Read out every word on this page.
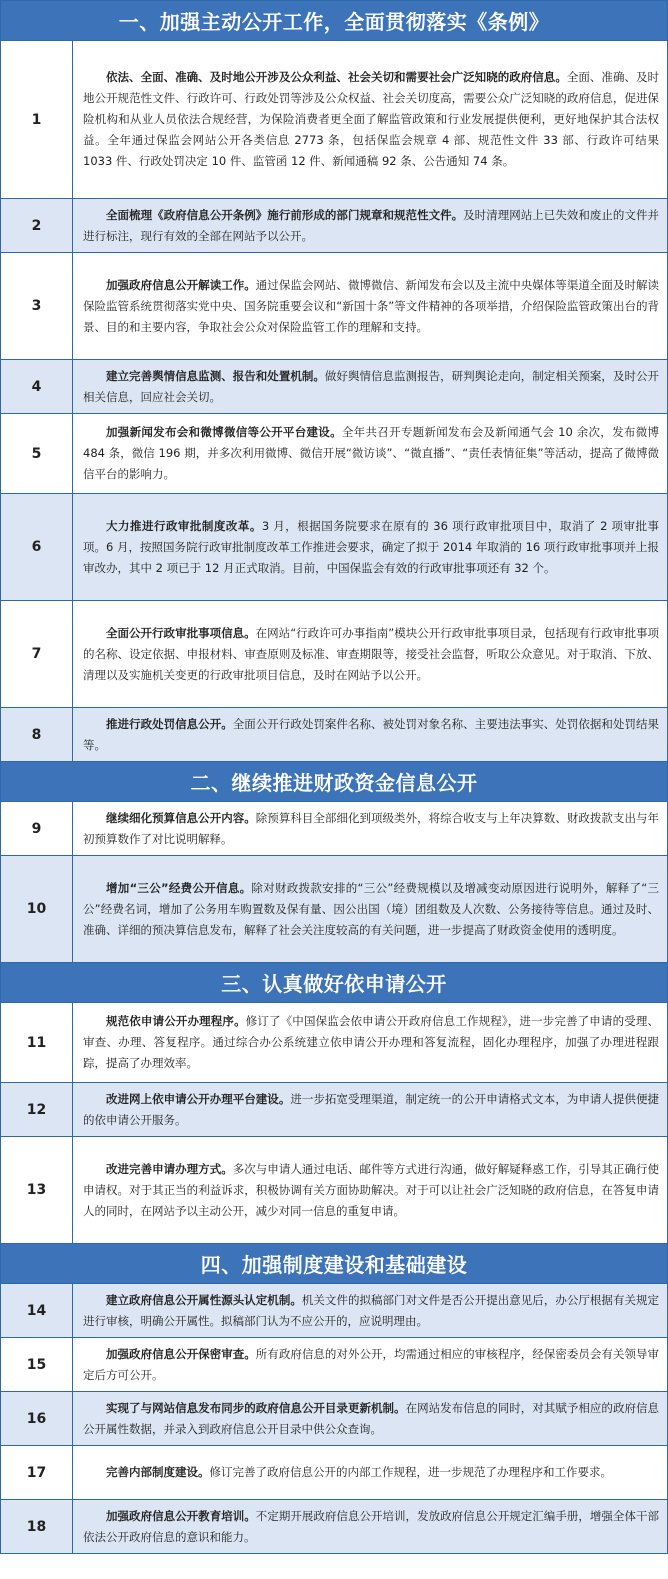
一、加强主动公开工作，全面贯彻落实《条例》	
1	依法、全面、准确、及时地公开涉及公众利益、社会关切和需要社会广泛知晓的政府信息。全面、准确、及时地公开规范性文件、行政许可、行政处罚等涉及公众权益、社会关切度高，需要公众广泛知晓的政府信息，促进保险机构和从业人员依法合规经营，为保险消费者更全面了解监管政策和行业发展提供便利，更好地保护其合法权益。全年通过保监会网站公开各类信息 2773 条，包括保监会规章 4 部、规范性文件 33 部、行政许可结果 1033 件、行政处罚决定 10 件、监管函 12 件、新闻通稿 92 条、公告通知 74 条。
2	全面梳理《政府信息公开条例》施行前形成的部门规章和规范性文件。及时清理网站上已失效和废止的文件并进行标注，现行有效的全部在网站予以公开。
3	加强政府信息公开解读工作。通过保监会网站、微博微信、新闻发布会以及主流中央媒体等渠道全面及时解读保险监管系统贯彻落实党中央、国务院重要会议和“新国十条”等文件精神的各项举措，介绍保险监管政策出台的背景、目的和主要内容，争取社会公众对保险监管工作的理解和支持。
4	建立完善舆情信息监测、报告和处置机制。做好舆情信息监测报告，研判舆论走向，制定相关预案，及时公开相关信息，回应社会关切。
5	加强新闻发布会和微博微信等公开平台建设。全年共召开专题新闻发布会及新闻通气会 10 余次，发布微博 484 条，微信 196 期，并多次利用微博、微信开展“微访谈”、“微直播”、“责任表情征集”等活动，提高了微博微信平台的影响力。
6	大力推进行政审批制度改革。3 月，根据国务院要求在原有的 36 项行政审批项目中，取消了 2 项审批事项。6 月，按照国务院行政审批制度改革工作推进会要求，确定了拟于 2014 年取消的 16 项行政审批事项并上报审改办，其中 2 项已于 12 月正式取消。目前，中国保监会有效的行政审批事项还有 32 个。
7	全面公开行政审批事项信息。在网站“行政许可办事指南”模块公开行政审批事项目录，包括现有行政审批事项的名称、设定依据、申报材料、审查原则及标准、审查期限等，接受社会监督，听取公众意见。对于取消、下放、清理以及实施机关变更的行政审批项目信息，及时在网站予以公开。
8	推进行政处罚信息公开。全面公开行政处罚案件名称、被处罚对象名称、主要违法事实、处罚依据和处罚结果等。
二、继续推进财政资金信息公开	
9	继续细化预算信息公开内容。除预算科目全部细化到项级类外，将综合收支与上年决算数、财政拨款支出与年初预算数作了对比说明解释。
10	增加“三公”经费公开信息。除对财政拨款安排的“三公”经费规模以及增减变动原因进行说明外，解释了“三公”经费名词，增加了公务用车购置数及保有量、因公出国（境）团组数及人次数、公务接待等信息。通过及时、准确、详细的预决算信息发布，解释了社会关注度较高的有关问题，进一步提高了财政资金使用的透明度。
三、认真做好依申请公开	
11	规范依申请公开办理程序。修订了《中国保监会依申请公开政府信息工作规程》，进一步完善了申请的受理、审查、办理、答复程序。通过综合办公系统建立依申请公开办理和答复流程，固化办理程序，加强了办理进程跟踪，提高了办理效率。
12	改进网上依申请公开办理平台建设。进一步拓宽受理渠道，制定统一的公开申请格式文本，为申请人提供便捷的依申请公开服务。
13	改进完善申请办理方式。多次与申请人通过电话、邮件等方式进行沟通，做好解疑释惑工作，引导其正确行使申请权。对于其正当的利益诉求，积极协调有关方面协助解决。对于可以让社会广泛知晓的政府信息，在答复申请人的同时，在网站予以主动公开，减少对同一信息的重复申请。
四、加强制度建设和基础建设	
14	建立政府信息公开属性源头认定机制。机关文件的拟稿部门对文件是否公开提出意见后，办公厅根据有关规定进行审核，明确公开属性。拟稿部门认为不应公开的，应说明理由。
15	加强政府信息公开保密审查。所有政府信息的对外公开，均需通过相应的审核程序，经保密委员会有关领导审定后方可公开。
16	实现了与网站信息发布同步的政府信息公开目录更新机制。在网站发布信息的同时，对其赋予相应的政府信息公开属性数据，并录入到政府信息公开目录中供公众查询。
17	完善内部制度建设。修订完善了政府信息公开的内部工作规程，进一步规范了办理程序和工作要求。
18	加强政府信息公开教育培训。不定期开展政府信息公开培训，发放政府信息公开规定汇编手册，增强全体干部依法公开政府信息的意识和能力。
